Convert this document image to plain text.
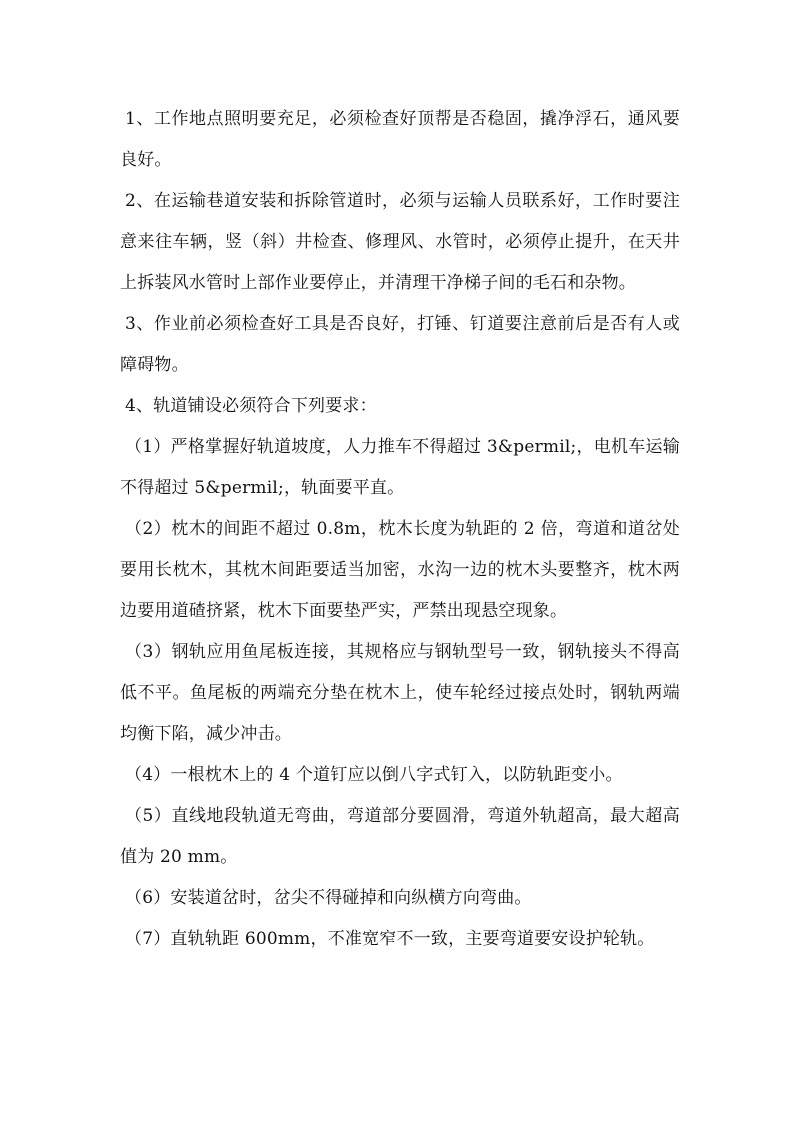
1、工作地点照明要充足，必须检查好顶帮是否稳固，撬净浮石，通风要良好。

2、在运输巷道安装和拆除管道时，必须与运输人员联系好，工作时要注意来往车辆，竖（斜）井检查、修理风、水管时，必须停止提升，在天井上拆装风水管时上部作业要停止，并清理干净梯子间的毛石和杂物。

3、作业前必须检查好工具是否良好，打锤、钉道要注意前后是否有人或障碍物。

4、轨道铺设必须符合下列要求：

（1）严格掌握好轨道坡度，人力推车不得超过 3&permil;，电机车运输不得超过 5&permil;，轨面要平直。

（2）枕木的间距不超过 0.8m，枕木长度为轨距的 2 倍，弯道和道岔处要用长枕木，其枕木间距要适当加密，水沟一边的枕木头要整齐，枕木两边要用道碴挤紧，枕木下面要垫严实，严禁出现悬空现象。

（3）钢轨应用鱼尾板连接，其规格应与钢轨型号一致，钢轨接头不得高低不平。鱼尾板的两端充分垫在枕木上，使车轮经过接点处时，钢轨两端均衡下陷，减少冲击。

（4）一根枕木上的 4 个道钉应以倒八字式钉入，以防轨距变小。

（5）直线地段轨道无弯曲，弯道部分要圆滑，弯道外轨超高，最大超高值为 20 mm。

（6）安装道岔时，岔尖不得碰掉和向纵横方向弯曲。

（7）直轨轨距 600mm，不准宽窄不一致，主要弯道要安设护轮轨。
